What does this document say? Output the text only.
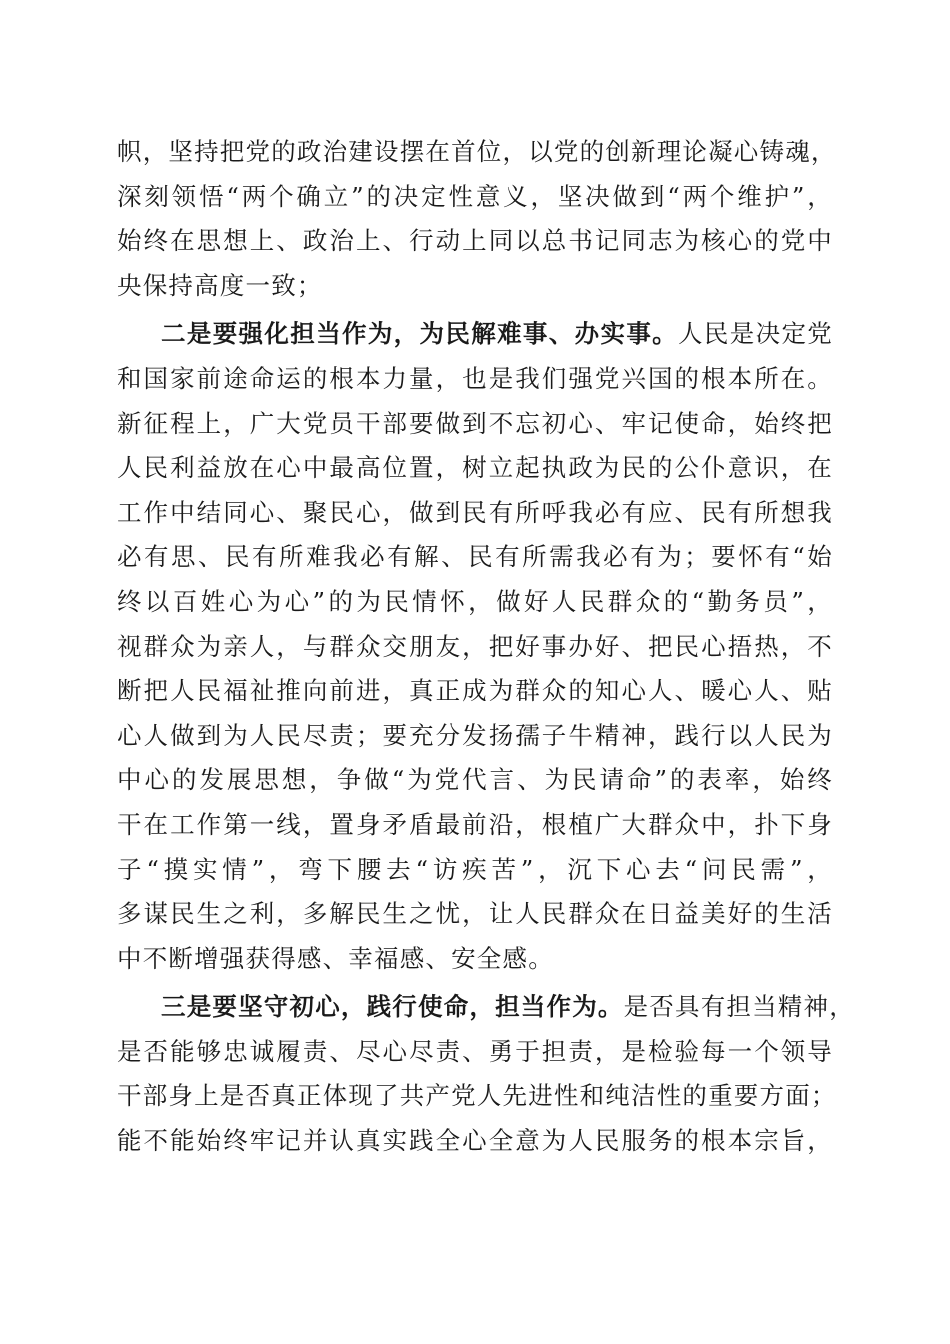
帜，坚持把党的政治建设摆在首位，以党的创新理论凝心铸魂，
深刻领悟“两个确立”的决定性意义，坚决做到“两个维护”，
始终在思想上、政治上、行动上同以总书记同志为核心的党中
央保持高度一致；
二是要强化担当作为，为民解难事、办实事。人民是决定党
和国家前途命运的根本力量，也是我们强党兴国的根本所在。
新征程上，广大党员干部要做到不忘初心、牢记使命，始终把
人民利益放在心中最高位置，树立起执政为民的公仆意识，在
工作中结同心、聚民心，做到民有所呼我必有应、民有所想我
必有思、民有所难我必有解、民有所需我必有为；要怀有“始
终以百姓心为心”的为民情怀，做好人民群众的“勤务员”，
视群众为亲人，与群众交朋友，把好事办好、把民心捂热，不
断把人民福祉推向前进，真正成为群众的知心人、暖心人、贴
心人做到为人民尽责；要充分发扬孺子牛精神，践行以人民为
中心的发展思想，争做“为党代言、为民请命”的表率，始终
干在工作第一线，置身矛盾最前沿，根植广大群众中，扑下身
子“摸实情”，弯下腰去“访疾苦”，沉下心去“问民需”，
多谋民生之利，多解民生之忧，让人民群众在日益美好的生活
中不断增强获得感、幸福感、安全感。
三是要坚守初心，践行使命，担当作为。是否具有担当精神，
是否能够忠诚履责、尽心尽责、勇于担责，是检验每一个领导
干部身上是否真正体现了共产党人先进性和纯洁性的重要方面；
能不能始终牢记并认真实践全心全意为人民服务的根本宗旨，
